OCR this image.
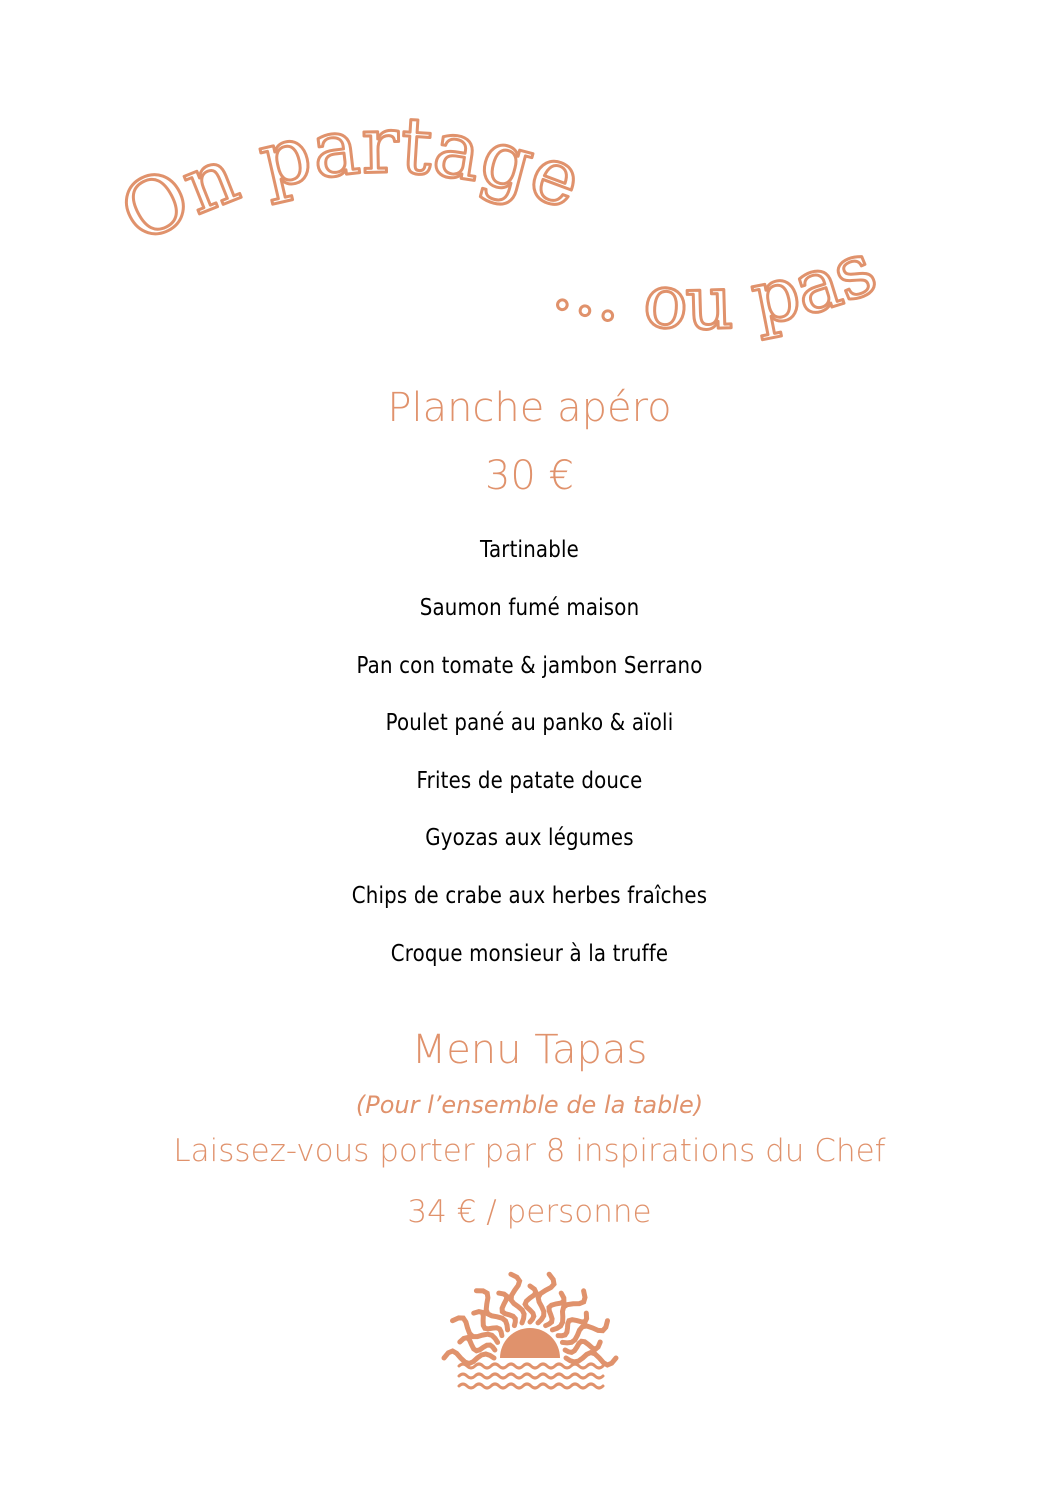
On partage
... ou pas
Planche apéro
30 €
Tartinable
Saumon fumé maison
Pan con tomate & jambon Serrano
Poulet pané au panko & aïoli
Frites de patate douce
Gyozas aux légumes
Chips de crabe aux herbes fraîches
Croque monsieur à la truffe
Menu Tapas
(Pour l’ensemble de la table)
Laissez-vous porter par 8 inspirations du Chef
34 € / personne
